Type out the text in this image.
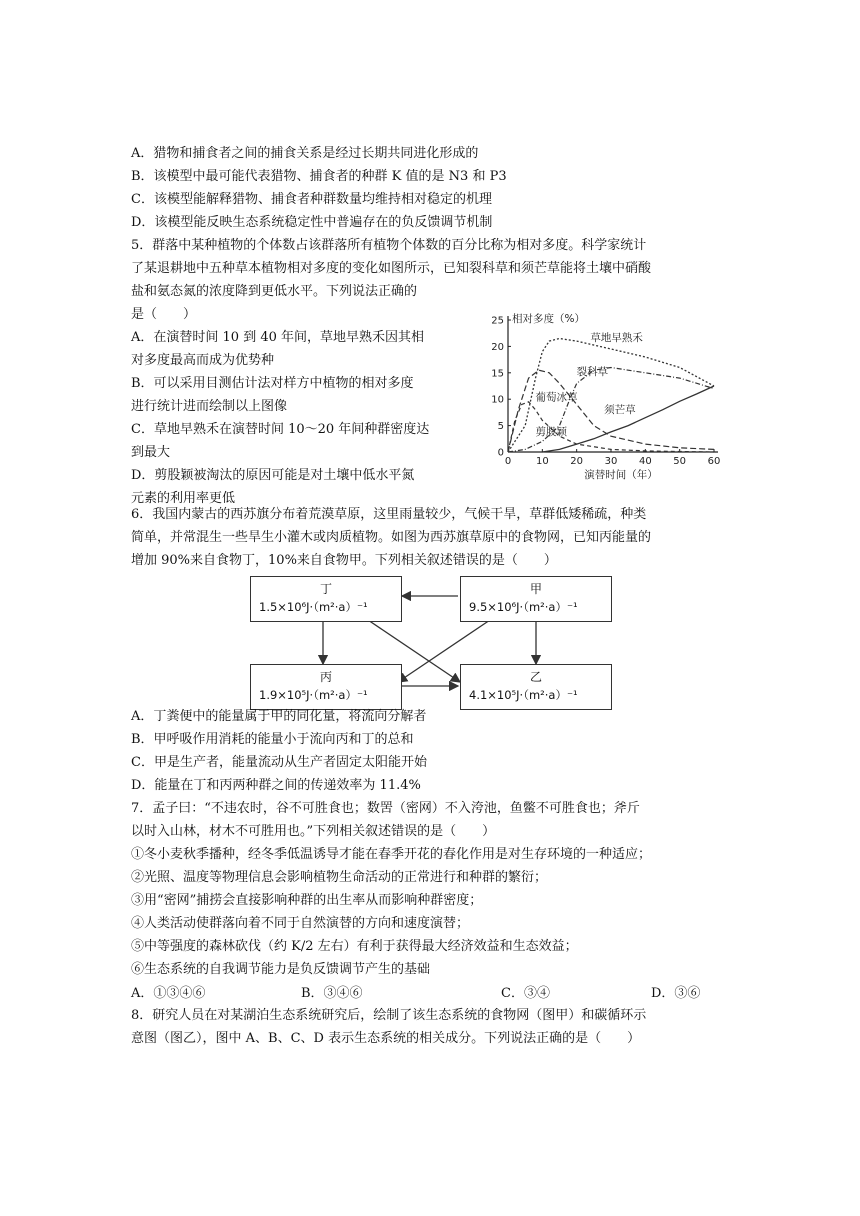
A．猎物和捕食者之间的捕食关系是经过长期共同进化形成的
B．该模型中最可能代表猎物、捕食者的种群 K 值的是 N3 和 P3
C．该模型能解释猎物、捕食者种群数量均维持相对稳定的机理
D．该模型能反映生态系统稳定性中普遍存在的负反馈调节机制
5．群落中某种植物的个体数占该群落所有植物个体数的百分比称为相对多度。科学家统计
了某退耕地中五种草本植物相对多度的变化如图所示，已知裂科草和须芒草能将土壤中硝酸
盐和氨态氮的浓度降到更低水平。下列说法正确的
是（　　）
A．在演替时间 10 到 40 年间，草地早熟禾因其相
对多度最高而成为优势种
B．可以采用目测估计法对样方中植物的相对多度
进行统计进而绘制以上图像
C．草地早熟禾在演替时间 10～20 年间种群密度达
到最大
D．剪股颖被淘汰的原因可能是对土壤中低水平氮
元素的利用率更低
0
5
10
15
20
25
0 10 20 30 40 50 60
相对多度（%）
演替时间（年）
剪股颖
葡萄冰草
草地早熟禾
裂科草
须芒草
6．我国内蒙古的西苏旗分布着荒漠草原，这里雨量较少，气候干旱，草群低矮稀疏，种类
简单，并常混生一些旱生小灌木或肉质植物。如图为西苏旗草原中的食物网，已知丙能量的
增加 90%来自食物丁，10%来自食物甲。下列相关叙述错误的是（　　）
丁
1.5×10⁶J·（m²·a）⁻¹
甲
9.5×10⁶J·（m²·a）⁻¹
丙
1.9×10⁵J·（m²·a）⁻¹
乙
4.1×10⁵J·（m²·a）⁻¹
A．丁粪便中的能量属于甲的同化量，将流向分解者
B．甲呼吸作用消耗的能量小于流向丙和丁的总和
C．甲是生产者，能量流动从生产者固定太阳能开始
D．能量在丁和丙两种群之间的传递效率为 11.4%
7．孟子曰：“不违农时，谷不可胜食也；数罟（密网）不入洿池，鱼鳖不可胜食也；斧斤
以时入山林，材木不可胜用也。”下列相关叙述错误的是（　　）
①冬小麦秋季播种，经冬季低温诱导才能在春季开花的春化作用是对生存环境的一种适应；
②光照、温度等物理信息会影响植物生命活动的正常进行和种群的繁衍；
③用“密网”捕捞会直接影响种群的出生率从而影响种群密度；
④人类活动使群落向着不同于自然演替的方向和速度演替；
⑤中等强度的森林砍伐（约 K/2 左右）有利于获得最大经济效益和生态效益；
⑥生态系统的自我调节能力是负反馈调节产生的基础
A．①③④⑥	B．③④⑥	C．③④	D．③⑥
8．研究人员在对某湖泊生态系统研究后，绘制了该生态系统的食物网（图甲）和碳循环示
意图（图乙），图中 A、B、C、D 表示生态系统的相关成分。下列说法正确的是（　　）
